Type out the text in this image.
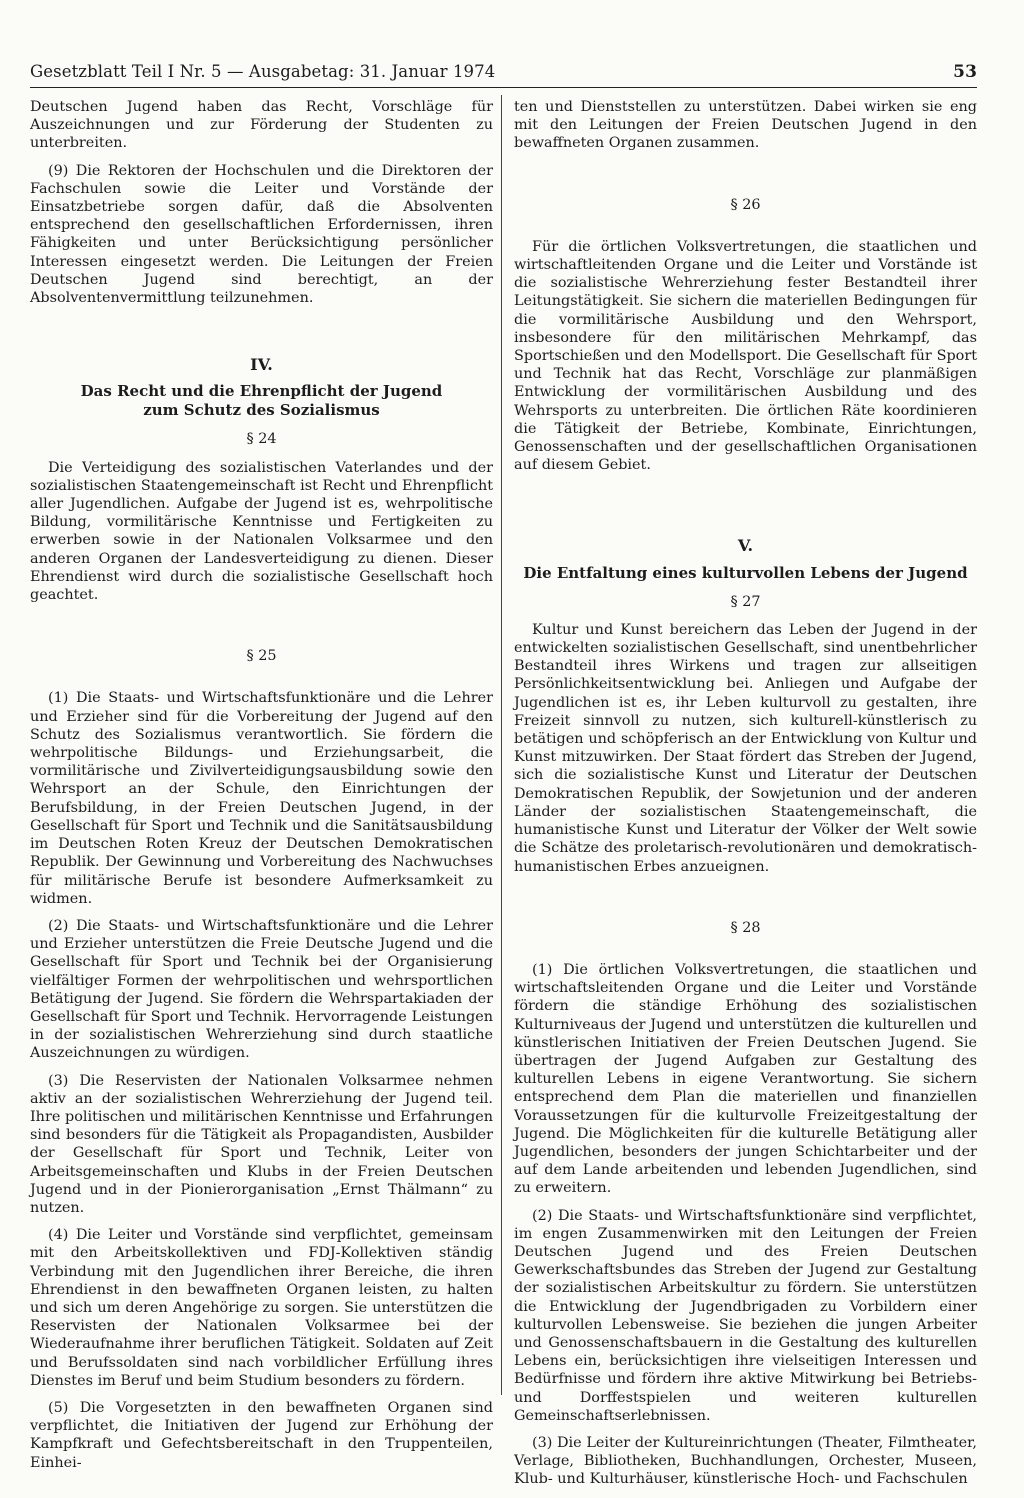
Gesetzblatt Teil I Nr. 5 — Ausgabetag: 31. Januar 1974	53

Deutschen Jugend haben das Recht, Vorschläge für Auszeichnungen und zur Förderung der Studenten zu unterbreiten.

(9) Die Rektoren der Hochschulen und die Direktoren der Fachschulen sowie die Leiter und Vorstände der Einsatzbetriebe sorgen dafür, daß die Absolventen entsprechend den gesellschaftlichen Erfordernissen, ihren Fähigkeiten und unter Berücksichtigung persönlicher Interessen eingesetzt werden. Die Leitungen der Freien Deutschen Jugend sind berechtigt, an der Absolventenvermittlung teilzunehmen.

IV.
Das Recht und die Ehrenpflicht der Jugend
zum Schutz des Sozialismus
§ 24

Die Verteidigung des sozialistischen Vaterlandes und der sozialistischen Staatengemeinschaft ist Recht und Ehrenpflicht aller Jugendlichen. Aufgabe der Jugend ist es, wehrpolitische Bildung, vormilitärische Kenntnisse und Fertigkeiten zu erwerben sowie in der Nationalen Volksarmee und den anderen Organen der Landesverteidigung zu dienen. Dieser Ehrendienst wird durch die sozialistische Gesellschaft hoch geachtet.

§ 25

(1) Die Staats- und Wirtschaftsfunktionäre und die Lehrer und Erzieher sind für die Vorbereitung der Jugend auf den Schutz des Sozialismus verantwortlich. Sie fördern die wehrpolitische Bildungs- und Erziehungsarbeit, die vormilitärische und Zivilverteidigungsausbildung sowie den Wehrsport an der Schule, den Einrichtungen der Berufsbildung, in der Freien Deutschen Jugend, in der Gesellschaft für Sport und Technik und die Sanitätsausbildung im Deutschen Roten Kreuz der Deutschen Demokratischen Republik. Der Gewinnung und Vorbereitung des Nachwuchses für militärische Berufe ist besondere Aufmerksamkeit zu widmen.

(2) Die Staats- und Wirtschaftsfunktionäre und die Lehrer und Erzieher unterstützen die Freie Deutsche Jugend und die Gesellschaft für Sport und Technik bei der Organisierung vielfältiger Formen der wehrpolitischen und wehrsportlichen Betätigung der Jugend. Sie fördern die Wehrspartakiaden der Gesellschaft für Sport und Technik. Hervorragende Leistungen in der sozialistischen Wehrerziehung sind durch staatliche Auszeichnungen zu würdigen.

(3) Die Reservisten der Nationalen Volksarmee nehmen aktiv an der sozialistischen Wehrerziehung der Jugend teil. Ihre politischen und militärischen Kenntnisse und Erfahrungen sind besonders für die Tätigkeit als Propagandisten, Ausbilder der Gesellschaft für Sport und Technik, Leiter von Arbeitsgemeinschaften und Klubs in der Freien Deutschen Jugend und in der Pionierorganisation „Ernst Thälmann“ zu nutzen.

(4) Die Leiter und Vorstände sind verpflichtet, gemeinsam mit den Arbeitskollektiven und FDJ-Kollektiven ständig Verbindung mit den Jugendlichen ihrer Bereiche, die ihren Ehrendienst in den bewaffneten Organen leisten, zu halten und sich um deren Angehörige zu sorgen. Sie unterstützen die Reservisten der Nationalen Volksarmee bei der Wiederaufnahme ihrer beruflichen Tätigkeit. Soldaten auf Zeit und Berufssoldaten sind nach vorbildlicher Erfüllung ihres Dienstes im Beruf und beim Studium besonders zu fördern.

(5) Die Vorgesetzten in den bewaffneten Organen sind verpflichtet, die Initiativen der Jugend zur Erhöhung der Kampfkraft und Gefechtsbereitschaft in den Truppenteilen, Einhei-

ten und Dienststellen zu unterstützen. Dabei wirken sie eng mit den Leitungen der Freien Deutschen Jugend in den bewaffneten Organen zusammen.

§ 26

Für die örtlichen Volksvertretungen, die staatlichen und wirtschaftleitenden Organe und die Leiter und Vorstände ist die sozialistische Wehrerziehung fester Bestandteil ihrer Leitungstätigkeit. Sie sichern die materiellen Bedingungen für die vormilitärische Ausbildung und den Wehrsport, insbesondere für den militärischen Mehrkampf, das Sportschießen und den Modellsport. Die Gesellschaft für Sport und Technik hat das Recht, Vorschläge zur planmäßigen Entwicklung der vormilitärischen Ausbildung und des Wehrsports zu unterbreiten. Die örtlichen Räte koordinieren die Tätigkeit der Betriebe, Kombinate, Einrichtungen, Genossenschaften und der gesellschaftlichen Organisationen auf diesem Gebiet.

V.
Die Entfaltung eines kulturvollen Lebens der Jugend
§ 27

Kultur und Kunst bereichern das Leben der Jugend in der entwickelten sozialistischen Gesellschaft, sind unentbehrlicher Bestandteil ihres Wirkens und tragen zur allseitigen Persönlichkeitsentwicklung bei. Anliegen und Aufgabe der Jugendlichen ist es, ihr Leben kulturvoll zu gestalten, ihre Freizeit sinnvoll zu nutzen, sich kulturell-künstlerisch zu betätigen und schöpferisch an der Entwicklung von Kultur und Kunst mitzuwirken. Der Staat fördert das Streben der Jugend, sich die sozialistische Kunst und Literatur der Deutschen Demokratischen Republik, der Sowjetunion und der anderen Länder der sozialistischen Staatengemeinschaft, die humanistische Kunst und Literatur der Völker der Welt sowie die Schätze des proletarisch-revolutionären und demokratisch-humanistischen Erbes anzueignen.

§ 28

(1) Die örtlichen Volksvertretungen, die staatlichen und wirtschaftsleitenden Organe und die Leiter und Vorstände fördern die ständige Erhöhung des sozialistischen Kulturniveaus der Jugend und unterstützen die kulturellen und künstlerischen Initiativen der Freien Deutschen Jugend. Sie übertragen der Jugend Aufgaben zur Gestaltung des kulturellen Lebens in eigene Verantwortung. Sie sichern entsprechend dem Plan die materiellen und finanziellen Voraussetzungen für die kulturvolle Freizeitgestaltung der Jugend. Die Möglichkeiten für die kulturelle Betätigung aller Jugendlichen, besonders der jungen Schichtarbeiter und der auf dem Lande arbeitenden und lebenden Jugendlichen, sind zu erweitern.

(2) Die Staats- und Wirtschaftsfunktionäre sind verpflichtet, im engen Zusammenwirken mit den Leitungen der Freien Deutschen Jugend und des Freien Deutschen Gewerkschaftsbundes das Streben der Jugend zur Gestaltung der sozialistischen Arbeitskultur zu fördern. Sie unterstützen die Entwicklung der Jugendbrigaden zu Vorbildern einer kulturvollen Lebensweise. Sie beziehen die jungen Arbeiter und Genossenschaftsbauern in die Gestaltung des kulturellen Lebens ein, berücksichtigen ihre vielseitigen Interessen und Bedürfnisse und fördern ihre aktive Mitwirkung bei Betriebs- und Dorffestspielen und weiteren kulturellen Gemeinschaftserlebnissen.

(3) Die Leiter der Kultureinrichtungen (Theater, Filmtheater, Verlage, Bibliotheken, Buchhandlungen, Orchester, Museen, Klub- und Kulturhäuser, künstlerische Hoch- und Fachschulen
